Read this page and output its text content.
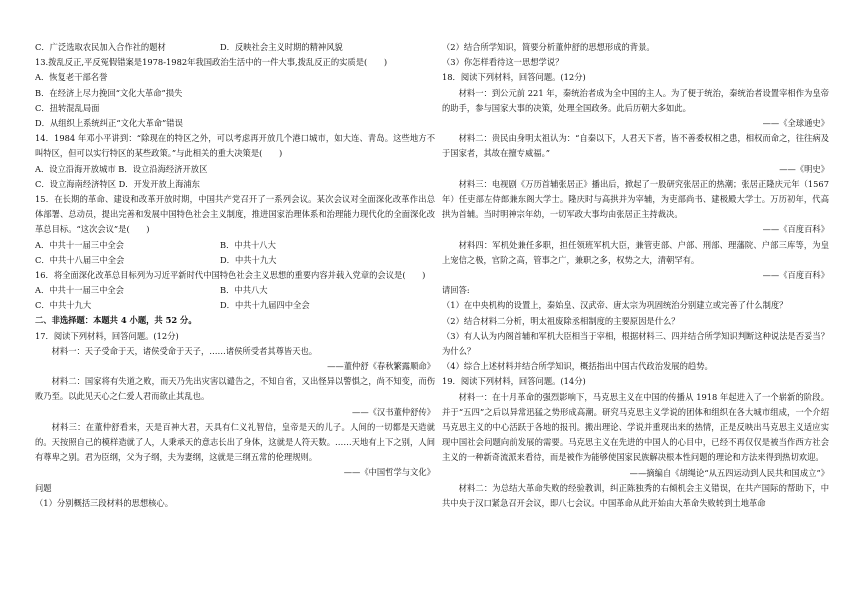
C．广泛选取农民加入合作社的题材	D．反映社会主义时期的精神风貌
13.拨乱反正,平反冤假错案是1978-1982年我国政治生活中的一件大事,拨乱反正的实质是(　　)
A．恢复老干部名誉
B．在经济上尽力挽回“文化大革命”损失
C．扭转混乱局面
D．从组织上系统纠正“文化大革命”错误
14．1984 年邓小平讲到：“除现在的特区之外，可以考虑再开放几个港口城市，如大连、青岛。这些地方不叫特区，但可以实行特区的某些政策。”与此相关的重大决策是(　　)
A．设立沿海开放城市 B．设立沿海经济开放区
C．设立海南经济特区 D．开发开放上海浦东
15．在长期的革命、建设和改革开放时期，中国共产党召开了一系列会议。某次会议对全面深化改革作出总体部署、总动员，提出完善和发展中国特色社会主义制度，推进国家治理体系和治理能力现代化的全面深化改革总目标。“这次会议”是(　　)
A．中共十一届三中全会	B．中共十八大
C．中共十八届三中全会	D．中共十九大
16．将全面深化改革总目标列为习近平新时代中国特色社会主义思想的重要内容并载入党章的会议是(　　)
A．中共十一届三中全会	B．中共八大
C．中共十九大	D．中共十九届四中全会
二、非选择题：本题共 4 小题，共 52 分。
17．阅读下列材料，回答问题。(12分)
材料一：天子受命于天，诸侯受命于天子，……诸侯所受者其尊皆天也。
——董仲舒《春秋繁露顺命》
材料二：国家将有失道之败，而天乃先出灾害以谴告之，不知自省，又出怪异以警惧之，尚不知变，而伤败乃至。以此见天心之仁爱人君而欲止其乱也。
——《汉书董仲舒传》
材料三：在董仲舒看来，天是百神大君，天具有仁义礼智信，皇帝是天的儿子。人间的一切都是天造就的。天按照自己的模样造就了人，人秉承天的意志长出了身体，这就是人符天数。……天地有上下之别，人间有尊卑之别。君为臣纲，父为子纲，夫为妻纲，这就是三纲五常的伦理规则。
——《中国哲学与文化》
问题
（1）分别概括三段材料的思想核心。
（2）结合所学知识，简要分析董仲舒的思想形成的背景。
（3）你怎样看待这一思想学说？
18．阅读下列材料，回答问题。(12分)
材料一：到公元前 221 年，秦统治者成为全中国的主人。为了便于统治，秦统治者设置宰相作为皇帝的助手，参与国家大事的决策，处理全国政务。此后历朝大多如此。
——《全球通史》
材料二：贵民由身明太祖认为：“自秦以下，人君天下者，皆不善委权相之患，相权而命之，往往病及于国家者，其故在擅专威福。”
——《明史》
材料三：电视剧《万历首辅张居正》播出后，掀起了一股研究张居正的热潮；张居正隆庆元年（1567年）任吏部左侍郎兼东阁大学士。隆庆时与高拱并为宰辅，为吏部尚书、建极殿大学士。万历初年，代高拱为首辅。当时明神宗年幼，一切军政大事均由张居正主持裁决。
——《百度百科》
材料四：军机处兼任多职，担任领班军机大臣，兼管吏部、户部、刑部、理藩院、户部三库等，为皇上宠信之极，官阶之高，管事之广，兼职之多，权势之大，清朝罕有。
——《百度百科》
请回答:
（1）在中央机构的设置上，秦始皇、汉武帝、唐太宗为巩固统治分别建立或完善了什么制度？
（2）结合材料二分析，明太祖废除丞相制度的主要原因是什么？
（3）有人认为内阁首辅和军机大臣相当于宰相，根据材料三、四并结合所学知识判断这种说法是否妥当？为什么？
（4）综合上述材料并结合所学知识，概括指出中国古代政治发展的趋势。
19．阅读下列材料，回答问题。(14分)
材料一：在十月革命的强烈影响下，马克思主义在中国的传播从 1918 年起进入了一个崭新的阶段。并于“五四”之后以异常迅猛之势形成高潮。研究马克思主义学说的团体和组织在各大城市组成，一个介绍马克思主义的中心活跃于各地的报刊。搬出理论、学说并重现出来的热情，正是反映出马克思主义适应实现中国社会问题向前发展的需要。马克思主义在先进的中国人的心目中，已经不再仅仅是被当作西方社会主义的一种新奇流派来看待，而是被作为能够使国家民族解决根本性问题的理论和方法来得到热切欢迎。
——摘编自《胡绳论“从五四运动到人民共和国成立”》
材料二：为总结大革命失败的经验教训，纠正陈独秀的右倾机会主义错误，在共产国际的帮助下，中共中央于汉口紧急召开会议，即八七会议。中国革命从此开始由大革命失败转到土地革命
